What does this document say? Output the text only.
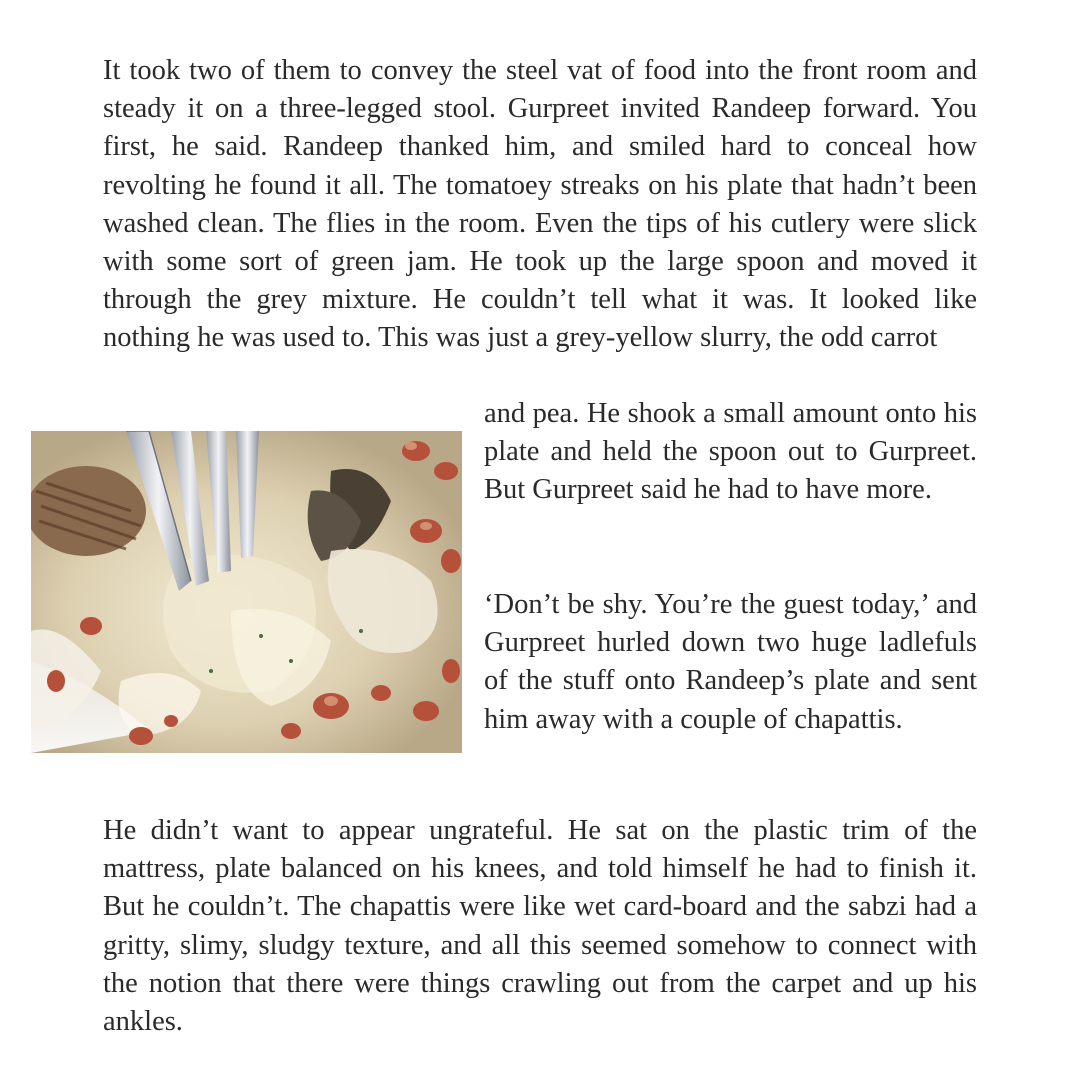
It took two of them to convey the steel vat of food into the front room and steady it on a three-legged stool. Gurpreet invited Randeep forward. You first, he said. Randeep thanked him, and smiled hard to conceal how revolting he found it all. The tomatoey streaks on his plate that hadn’t been washed clean. The flies in the room. Even the tips of his cutlery were slick with some sort of green jam. He took up the large spoon and moved it through the grey mixture. He couldn’t tell what it was. It looked like nothing he was used to. This was just a grey-yellow slurry, the odd carrot

and pea. He shook a small amount onto his plate and held the spoon out to Gurpreet. But Gurpreet said he had to have more.

‘Don’t be shy. You’re the guest today,’ and Gurpreet hurled down two huge ladlefuls of the stuff onto Randeep’s plate and sent him away with a couple of chapattis.

He didn’t want to appear ungrateful. He sat on the plastic trim of the mattress, plate balanced on his knees, and told himself he had to finish it. But he couldn’t. The chapattis were like wet card-board and the sabzi had a gritty, slimy, sludgy texture, and all this seemed somehow to connect with the notion that there were things crawling out from the carpet and up his ankles.
